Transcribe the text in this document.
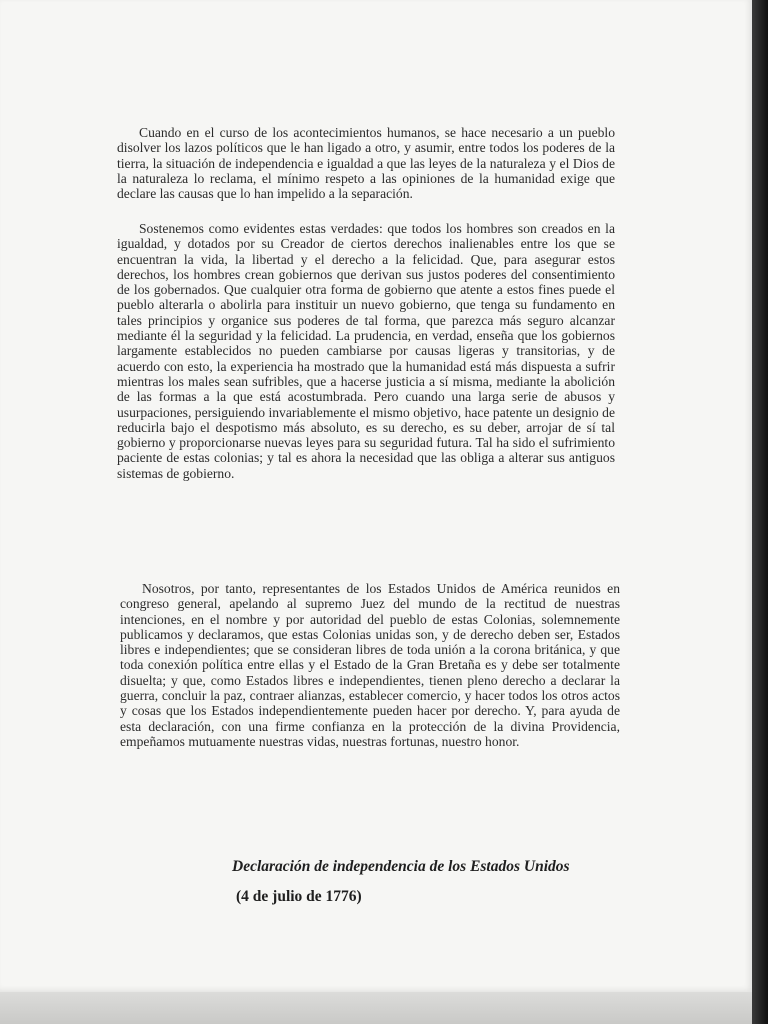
Cuando en el curso de los acontecimientos humanos, se hace necesario a un pueblo disolver los lazos políticos que le han ligado a otro, y asumir, entre todos los poderes de la tierra, la situación de independencia e igualdad a que las leyes de la naturaleza y el Dios de la naturaleza lo reclama, el mínimo respeto a las opiniones de la humanidad exige que declare las causas que lo han impelido a la separación.

Sostenemos como evidentes estas verdades: que todos los hombres son creados en la igualdad, y dotados por su Creador de ciertos derechos inalienables entre los que se encuentran la vida, la libertad y el derecho a la felicidad. Que, para asegurar estos derechos, los hombres crean gobiernos que derivan sus justos poderes del consentimiento de los gobernados. Que cualquier otra forma de gobierno que atente a estos fines puede el pueblo alterarla o abolirla para instituir un nuevo gobierno, que tenga su fundamento en tales principios y organice sus poderes de tal forma, que parezca más seguro alcanzar mediante él la seguridad y la felicidad. La prudencia, en verdad, enseña que los gobiernos largamente establecidos no pueden cambiarse por causas ligeras y transitorias, y de acuerdo con esto, la experiencia ha mostrado que la humanidad está más dispuesta a sufrir mientras los males sean sufribles, que a hacerse justicia a sí misma, mediante la abolición de las formas a la que está acostumbrada. Pero cuando una larga serie de abusos y usurpaciones, persiguiendo invariablemente el mismo objetivo, hace patente un designio de reducirla bajo el despotismo más absoluto, es su derecho, es su deber, arrojar de sí tal gobierno y proporcionarse nuevas leyes para su seguridad futura. Tal ha sido el sufrimiento paciente de estas colonias; y tal es ahora la necesidad que las obliga a alterar sus antiguos sistemas de gobierno.

Nosotros, por tanto, representantes de los Estados Unidos de América reunidos en congreso general, apelando al supremo Juez del mundo de la rectitud de nuestras intenciones, en el nombre y por autoridad del pueblo de estas Colonias, solemnemente publicamos y declaramos, que estas Colonias unidas son, y de derecho deben ser, Estados libres e independientes; que se consideran libres de toda unión a la corona británica, y que toda conexión política entre ellas y el Estado de la Gran Bretaña es y debe ser totalmente disuelta; y que, como Estados libres e independientes, tienen pleno derecho a declarar la guerra, concluir la paz, contraer alianzas, establecer comercio, y hacer todos los otros actos y cosas que los Estados independientemente pueden hacer por derecho. Y, para ayuda de esta declaración, con una firme confianza en la protección de la divina Providencia, empeñamos mutuamente nuestras vidas, nuestras fortunas, nuestro honor.

Declaración de independencia de los Estados Unidos

(4 de julio de 1776)
